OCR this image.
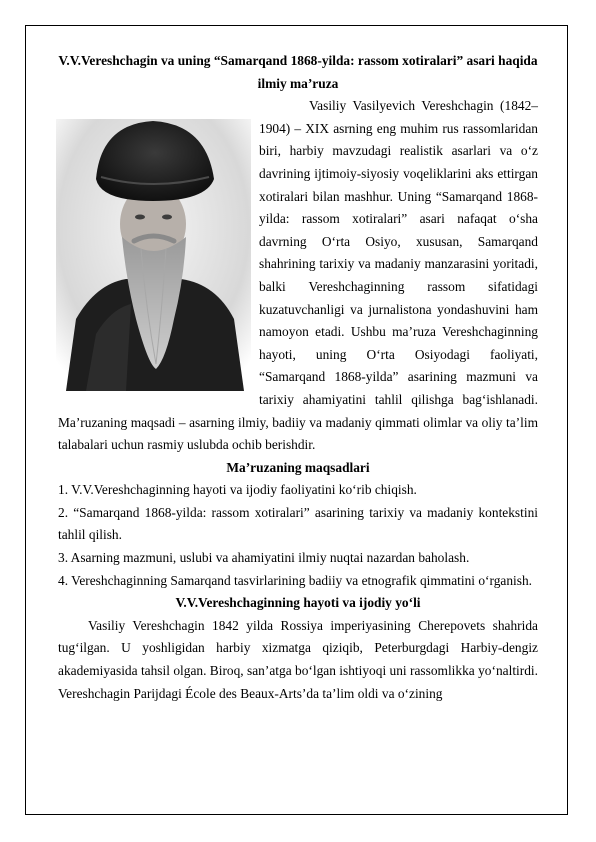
V.V.Vereshchagin va uning “Samarqand 1868-yilda: rassom xotiralari” asari haqida ilmiy ma’ruza

Vasiliy Vasilyevich Vereshchagin (1842–1904) – XIX asrning eng muhim rus rassomlaridan biri, harbiy mavzudagi realistik asarlari va o‘z davrining ijtimoiy-siyosiy voqeliklarini aks ettirgan xotiralari bilan mashhur. Uning “Samarqand 1868-yilda: rassom xotiralari” asari nafaqat o‘sha davrning O‘rta Osiyo, xususan, Samarqand shahrining tarixiy va madaniy manzarasini yoritadi, balki Vereshchaginning rassom sifatidagi kuzatuvchanligi va jurnalistona yondashuvini ham namoyon etadi. Ushbu ma’ruza Vereshchaginning hayoti, uning O‘rta Osiyodagi faoliyati, “Samarqand 1868-yilda” asarining mazmuni va tarixiy ahamiyatini tahlil qilishga bag‘ishlanadi. Ma’ruzaning maqsadi – asarning ilmiy, badiiy va madaniy qimmati olimlar va oliy ta’lim talabalari uchun rasmiy uslubda ochib berishdir.

Ma’ruzaning maqsadlari

1. V.V.Vereshchaginning hayoti va ijodiy faoliyatini ko‘rib chiqish.
2. “Samarqand 1868-yilda: rassom xotiralari” asarining tarixiy va madaniy kontekstini tahlil qilish.
3. Asarning mazmuni, uslubi va ahamiyatini ilmiy nuqtai nazardan baholash.
4. Vereshchaginning Samarqand tasvirlarining badiiy va etnografik qimmatini o‘rganish.

V.V.Vereshchaginning hayoti va ijodiy yo‘li

Vasiliy Vereshchagin 1842 yilda Rossiya imperiyasining Cherepovets shahrida tug‘ilgan. U yoshligidan harbiy xizmatga qiziqib, Peterburgdagi Harbiy-dengiz akademiyasida tahsil olgan. Biroq, san’atga bo‘lgan ishtiyoqi uni rassomlikka yo‘naltirdi. Vereshchagin Parijdagi École des Beaux-Arts’da ta’lim oldi va o‘zining
